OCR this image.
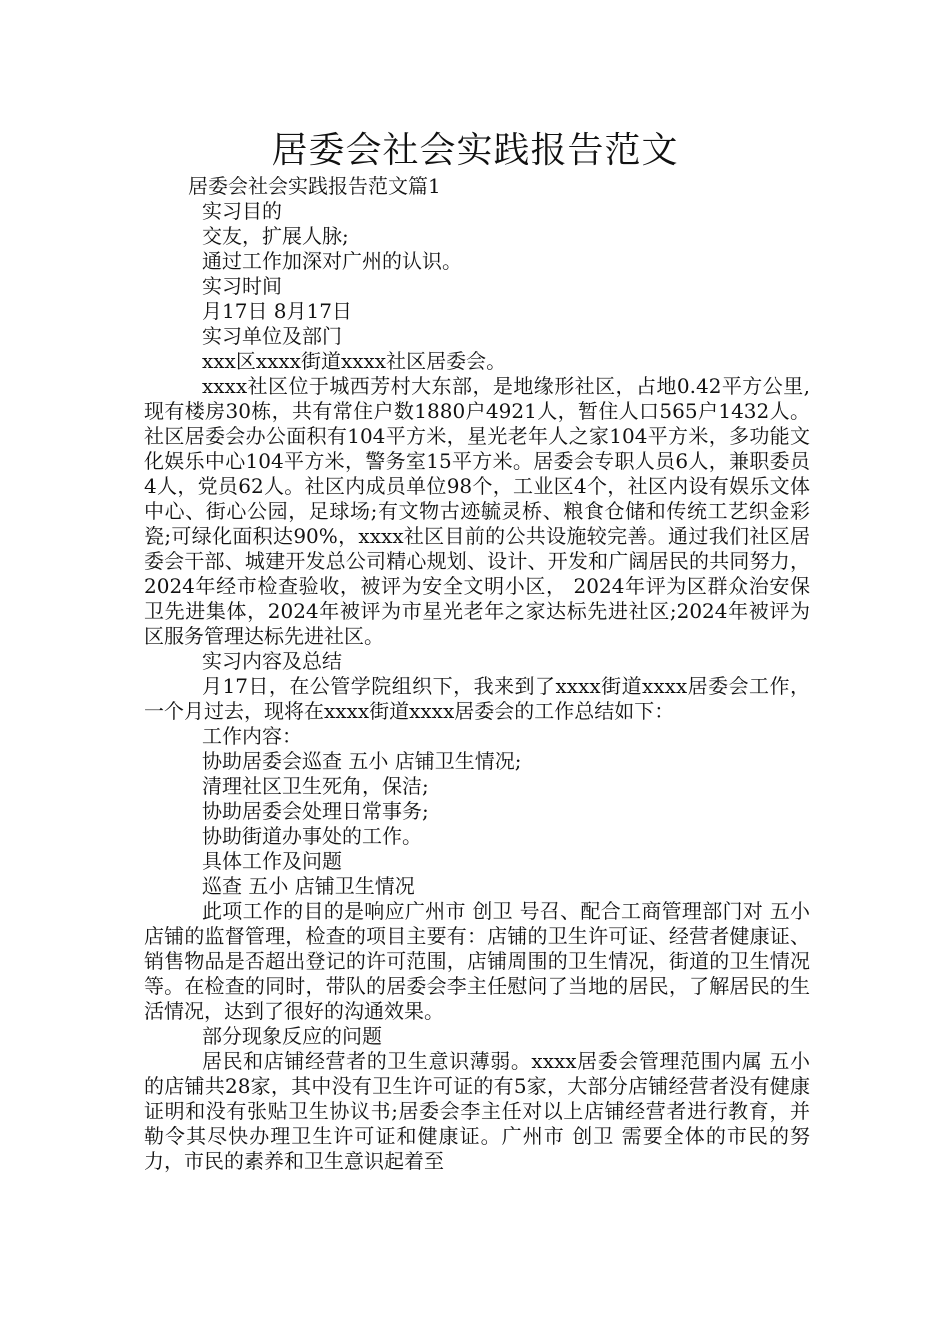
居委会社会实践报告范文
居委会社会实践报告范文篇1
实习目的
交友，扩展人脉;
通过工作加深对广州的认识。
实习时间
月17日 8月17日
实习单位及部门
xxx区xxxx街道xxxx社区居委会。

xxxx社区位于城西芳村大东部，是地缘形社区，占地0.42平方公里,现有楼房30栋，共有常住户数1880户4921人，暂住人口565户1432人。社区居委会办公面积有104平方米，星光老年人之家104平方米，多功能文化娱乐中心104平方米，警务室15平方米。居委会专职人员6人，兼职委员4人，党员62人。社区内成员单位98个，工业区4个，社区内设有娱乐文体中心、街心公园，足球场;有文物古迹毓灵桥、粮食仓储和传统工艺织金彩瓷;可绿化面积达90%，xxxx社区目前的公共设施较完善。通过我们社区居委会干部、城建开发总公司精心规划、设计、开发和广阔居民的共同努力，2024年经市检查验收，被评为安全文明小区， 2024年评为区群众治安保卫先进集体，2024年被评为市星光老年之家达标先进社区;2024年被评为区服务管理达标先进社区。

实习内容及总结

月17日，在公管学院组织下，我来到了xxxx街道xxxx居委会工作，一个月过去，现将在xxxx街道xxxx居委会的工作总结如下：

工作内容：
协助居委会巡查 五小 店铺卫生情况;
清理社区卫生死角，保洁;
协助居委会处理日常事务;
协助街道办事处的工作。
具体工作及问题
巡查 五小 店铺卫生情况

此项工作的目的是响应广州市 创卫 号召、配合工商管理部门对 五小 店铺的监督管理，检查的项目主要有：店铺的卫生许可证、经营者健康证、销售物品是否超出登记的许可范围，店铺周围的卫生情况，街道的卫生情况等。在检查的同时，带队的居委会李主任慰问了当地的居民，了解居民的生活情况，达到了很好的沟通效果。

部分现象反应的问题

居民和店铺经营者的卫生意识薄弱。xxxx居委会管理范围内属 五小 的店铺共28家，其中没有卫生许可证的有5家，大部分店铺经营者没有健康证明和没有张贴卫生协议书;居委会李主任对以上店铺经营者进行教育，并勒令其尽快办理卫生许可证和健康证。广州市 创卫 需要全体的市民的努力，市民的素养和卫生意识起着至
